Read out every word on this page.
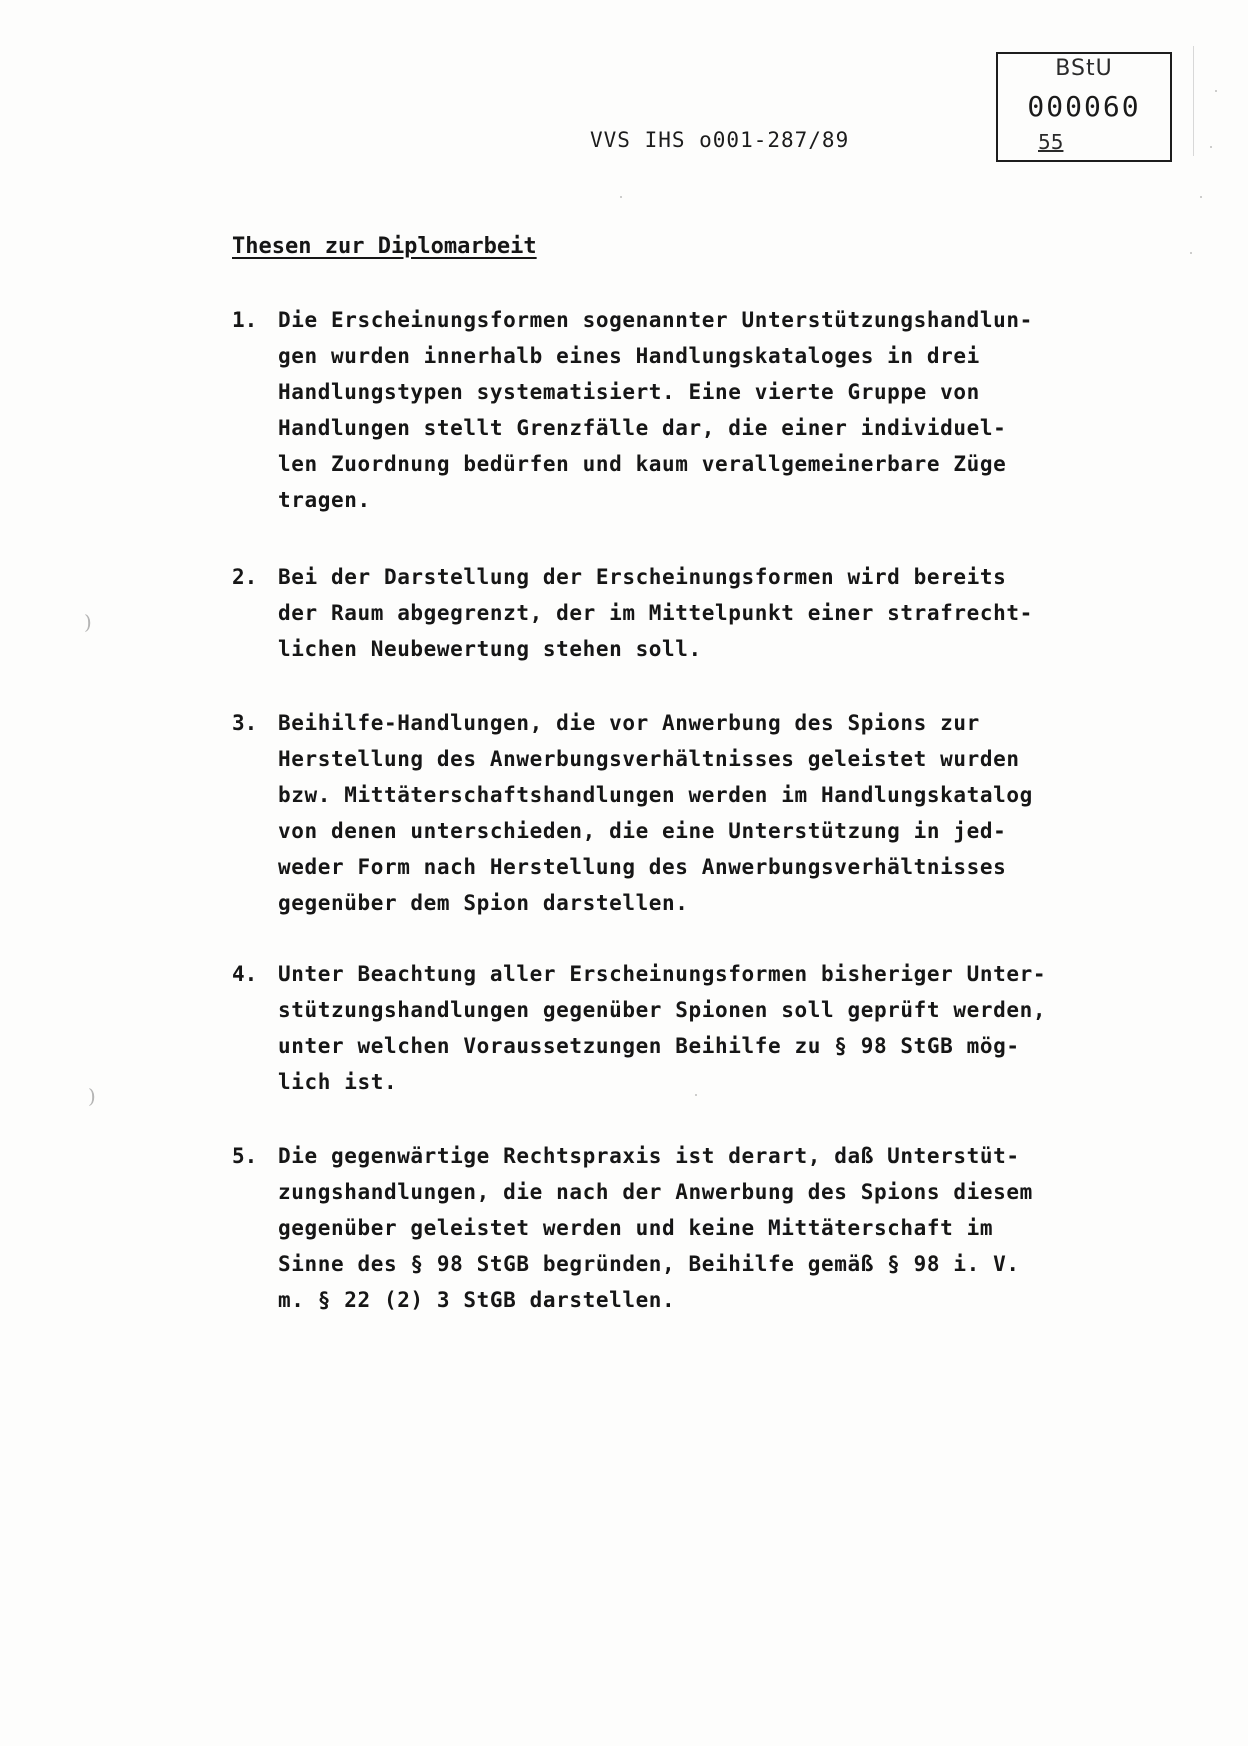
BStU
000060
55
VVS IHS o001-287/89
Thesen zur Diplomarbeit
1. Die Erscheinungsformen sogenannter Unterstützungshandlun-
gen wurden innerhalb eines Handlungskataloges in drei
Handlungstypen systematisiert. Eine vierte Gruppe von
Handlungen stellt Grenzfälle dar, die einer individuel-
len Zuordnung bedürfen und kaum verallgemeinerbare Züge
tragen.
2. Bei der Darstellung der Erscheinungsformen wird bereits
der Raum abgegrenzt, der im Mittelpunkt einer strafrecht-
lichen Neubewertung stehen soll.
3. Beihilfe-Handlungen, die vor Anwerbung des Spions zur
Herstellung des Anwerbungsverhältnisses geleistet wurden
bzw. Mittäterschaftshandlungen werden im Handlungskatalog
von denen unterschieden, die eine Unterstützung in jed-
weder Form nach Herstellung des Anwerbungsverhältnisses
gegenüber dem Spion darstellen.
4. Unter Beachtung aller Erscheinungsformen bisheriger Unter-
stützungshandlungen gegenüber Spionen soll geprüft werden,
unter welchen Voraussetzungen Beihilfe zu § 98 StGB mög-
lich ist.
5. Die gegenwärtige Rechtspraxis ist derart, daß Unterstüt-
zungshandlungen, die nach der Anwerbung des Spions diesem
gegenüber geleistet werden und keine Mittäterschaft im
Sinne des § 98 StGB begründen, Beihilfe gemäß § 98 i. V.
m. § 22 (2) 3 StGB darstellen.
)
)
